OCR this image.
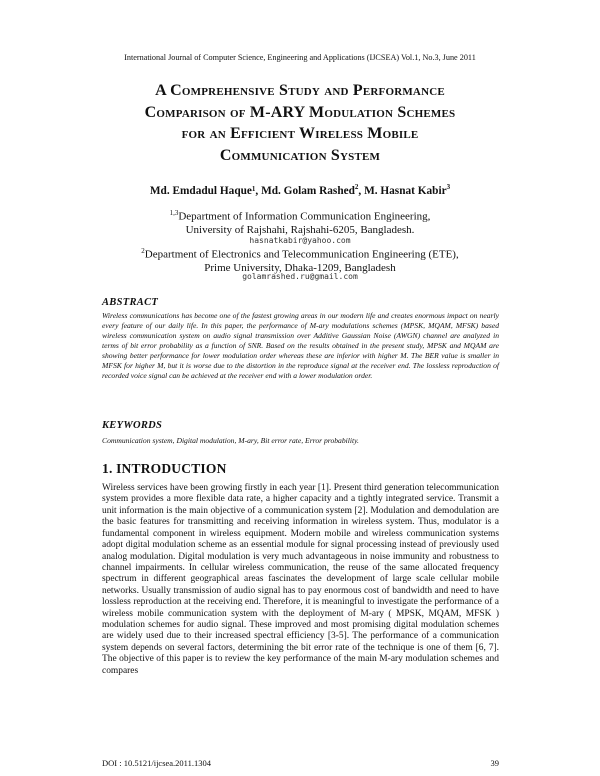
International Journal of Computer Science, Engineering and Applications (IJCSEA) Vol.1, No.3, June 2011
A Comprehensive Study and Performance
Comparison of M-ARY Modulation Schemes
for an Efficient Wireless Mobile
Communication System
Md. Emdadul Haque$^1$, Md. Golam Rashed$^2$, M. Hasnat Kabir$^3$
$^{1,3}$Department of Information Communication Engineering,
University of Rajshahi, Rajshahi-6205, Bangladesh.
hasnatkabir@yahoo.com
$^2$Department of Electronics and Telecommunication Engineering (ETE),
Prime University, Dhaka-1209, Bangladesh
golamrashed.ru@gmail.com
ABSTRACT
Wireless communications has become one of the fastest growing areas in our modern life and creates enormous impact on nearly every feature of our daily life. In this paper, the performance of M-ary modulations schemes (MPSK, MQAM, MFSK) based wireless communication system on audio signal transmission over Additive Gaussian Noise (AWGN) channel are analyzed in terms of bit error probability as a function of SNR. Based on the results obtained in the present study, MPSK and MQAM are showing better performance for lower modulation order whereas these are inferior with higher M. The BER value is smaller in MFSK for higher M, but it is worse due to the distortion in the reproduce signal at the receiver end. The lossless reproduction of recorded voice signal can be achieved at the receiver end with a lower modulation order.
KEYWORDS
Communication system, Digital modulation, M-ary, Bit error rate, Error probability.
1. INTRODUCTION
Wireless services have been growing firstly in each year [1]. Present third generation telecommunication system provides a more flexible data rate, a higher capacity and a tightly integrated service. Transmit a unit information is the main objective of a communication system [2]. Modulation and demodulation are the basic features for transmitting and receiving information in wireless system. Thus, modulator is a fundamental component in wireless equipment. Modern mobile and wireless communication systems adopt digital modulation scheme as an essential module for signal processing instead of previously used analog modulation. Digital modulation is very much advantageous in noise immunity and robustness to channel impairments. In cellular wireless communication, the reuse of the same allocated frequency spectrum in different geographical areas fascinates the development of large scale cellular mobile networks. Usually transmission of audio signal has to pay enormous cost of bandwidth and need to have lossless reproduction at the receiving end. Therefore, it is meaningful to investigate the performance of a wireless mobile communication system with the deployment of M-ary ( MPSK, MQAM, MFSK ) modulation schemes for audio signal. These improved and most promising digital modulation schemes are widely used due to their increased spectral efficiency [3-5]. The performance of a communication system depends on several factors, determining the bit error rate of the technique is one of them [6, 7]. The objective of this paper is to review the key performance of the main M-ary modulation schemes and compares
DOI : 10.5121/ijcsea.2011.1304	39
